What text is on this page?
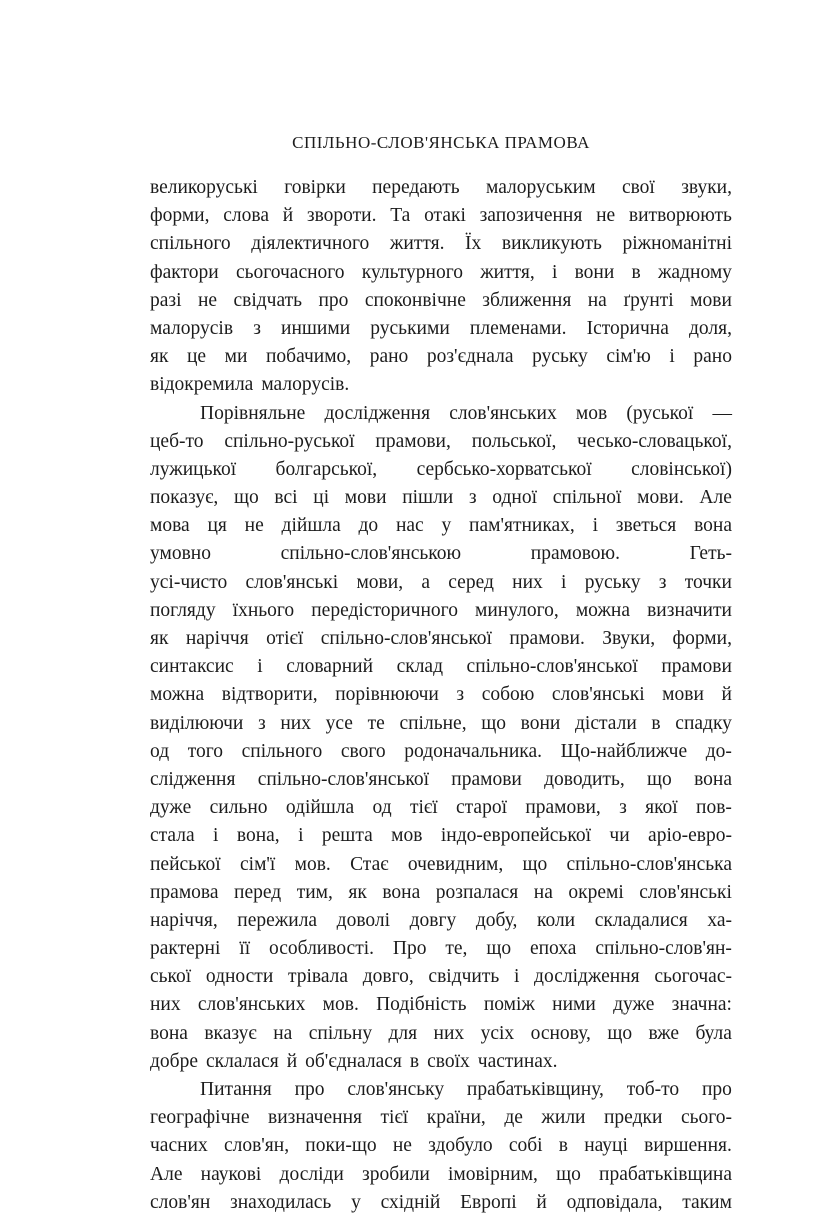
СПІЛЬНО-СЛОВ'ЯНСЬКА ПРАМОВА
великоруські говірки передають малоруським свої звуки,
форми, слова й звороти. Та отакі запозичення не витворюють
спільного діялектичного життя. Їх викликують ріжноманітні
фактори сьогочасного культурного життя, і вони в жадному
разі не свідчать про споконвічне зближення на ґрунті мови
малорусів з иншими руськими племенами. Історична доля,
як це ми побачимо, рано роз'єднала руську сім'ю і рано
відокремила малорусів.
Порівняльне дослідження слов'янських мов (руської —
цеб-то спільно-руської прамови, польської, чесько-словацької,
лужицької болгарської, сербсько-хорватської словінської)
показує, що всі ці мови пішли з одної спільної мови. Але
мова ця не дійшла до нас у пам'ятниках, і зветься вона
умовно	спільно-слов'янською	прамовою.	Геть-
усі-чисто слов'янські мови, а серед них і руську з точки
погляду їхнього передісторичного минулого, можна визначити
як наріччя отієї спільно-слов'янської прамови. Звуки, форми,
синтаксис і словарний склад спільно-слов'янської прамови
можна відтворити, порівнюючи з собою слов'янські мови й
виділюючи з них усе те спільне, що вони дістали в спадку
од того спільного свого родоначальника. Що-найближче до-
слідження спільно-слов'янської прамови доводить, що вона
дуже сильно одійшла од тієї старої прамови, з якої пов-
стала і вона, і решта мов індо-европейської чи аріо-евро-
пейської сім'ї мов. Стає очевидним, що спільно-слов'янська
прамова перед тим, як вона розпалася на окремі слов'янські
наріччя, пережила доволі довгу добу, коли складалися ха-
рактерні її особливості. Про те, що епоха спільно-слов'ян-
ської одности трівала довго, свідчить і дослідження сьогочас-
них слов'янських мов. Подібність поміж ними дуже значна:
вона вказує на спільну для них усіх основу, що вже була
добре склалася й об'єдналася в своїх частинах.
Питання про слов'янську прабатьківщину, тоб-то про
географічне визначення тієї країни, де жили предки сього-
часних слов'ян, поки-що не здобуло собі в науці виршення.
Але наукові досліди зробили імовірним, що прабатьківщина
слов'ян знаходилась у східній Европі й одповідала, таким
